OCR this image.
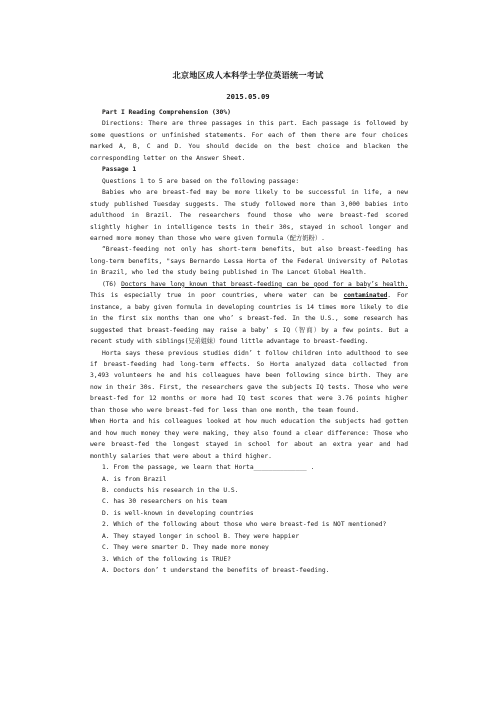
北京地区成人本科学士学位英语统一考试
2015.05.09

Part I Reading Comprehension (30%)

Directions: There are three passages in this part. Each passage is followed by some questions or unfinished statements. For each of them there are four choices marked A, B, C and D. You should decide on the best choice and blacken the corresponding letter on the Answer Sheet.

Passage 1

Questions 1 to 5 are based on the following passage:

Babies who are breast-fed may be more likely to be successful in life, a new study published Tuesday suggests. The study followed more than 3,000 babies into adulthood in Brazil. The researchers found those who were breast-fed scored slightly higher in intelligence tests in their 30s, stayed in school longer and earned more money than those who were given formula（配方奶粉）.

“Breast-feeding not only has short-term benefits, but also breast-feeding has long-term benefits, "says Bernardo Lessa Horta of the Federal University of Pelotas in Brazil, who led the study being published in The Lancet Global Health.

(T6) Doctors have long known that breast-feeding can be good for a baby’s health. This is especially true in poor countries, where water can be contaminated. For instance, a baby given formula in developing countries is 14 times more likely to die in the first six months than one who’ s breast-fed. In the U.S., some research has suggested that breast-feeding may raise a baby’ s IQ（智商）by a few points. But a recent study with siblings(兄弟姐妹）found little advantage to breast-feeding.

Horta says these previous studies didn’ t follow children into adulthood to see if breast-feeding had long-term effects. So Horta analyzed data collected from 3,493 volunteers he and his colleagues have been following since birth. They are now in their 30s. First, the researchers gave the subjects IQ tests. Those who were breast-fed for 12 months or more had IQ test scores that were 3.76 points higher than those who were breast-fed for less than one month, the team found.

When Horta and his colleagues looked at how much education the subjects had gotten and how much money they were making, they also found a clear difference: Those who were breast-fed the longest stayed in school for about an extra year and had monthly salaries that were about a third higher.

1. From the passage, we learn that Horta______________ .

A. is from Brazil

B. conducts his research in the U.S.

C. has 30 researchers on his team

D. is well-known in developing countries

2. Which of the following about those who were breast-fed is NOT mentioned?

A. They stayed longer in school B. They were happier

C. They were smarter D. They made more money

3. Which of the following is TRUE?

A. Doctors don’ t understand the benefits of breast-feeding.
